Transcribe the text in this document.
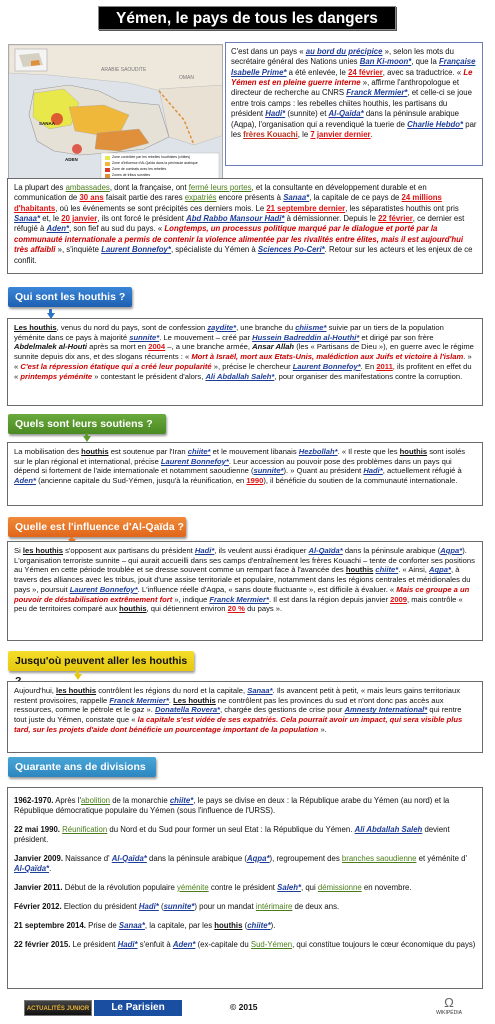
Yémen, le pays de tous les dangers
ARABIE SAOUDITE
OMAN
SANAA
ADEN	Zone contrôlée par les rebelles houthistes (chiites)
Zone d'influence d'Al-Qaïda dans la péninsule arabique
Zone de combats avec les rebelles
Zones de tribus sunnites
C'est dans un pays « au bord du précipice », selon les mots du secrétaire général des Nations unies Ban Ki-moon*, que la Française Isabelle Prime* a été enlevée, le 24 février, avec sa traductrice. « Le Yémen est en pleine guerre interne », affirme l'anthropologue et directeur de recherche au CNRS Franck Mermier*, et celle-ci se joue entre trois camps : les rebelles chiites houthis, les partisans du président Hadi* (sunnite) et Al-Qaïda* dans la péninsule arabique (Aqpa), l'organisation qui a revendiqué la tuerie de Charlie Hebdo* par les frères Kouachi, le 7 janvier dernier.
La plupart des ambassades, dont la française, ont fermé leurs portes, et la consultante en développement durable et en communication de 30 ans faisait partie des rares expatriés encore présents à Sanaa*, la capitale de ce pays de 24 millions d'habitants, où les événements se sont précipités ces derniers mois. Le 21 septembre dernier, les séparatistes houthis ont pris Sanaa* et, le 20 janvier, ils ont forcé le président Abd Rabbo Mansour Hadi* à démissionner. Depuis le 22 février, ce dernier est réfugié à Aden*, son fief au sud du pays. « Longtemps, un processus politique marqué par le dialogue et porté par la communauté internationale a permis de contenir la violence alimentée par les rivalités entre élites, mais il est aujourd'hui très affaibli », s'inquiète Laurent Bonnefoy*, spécialiste du Yémen à Sciences Po-Ceri*. Retour sur les acteurs et les enjeux de ce conflit.
Qui sont les houthis ?
Les houthis, venus du nord du pays, sont de confession zaydite*, une branche du chiisme* suivie par un tiers de la population yéménite dans ce pays à majorité sunnite*. Le mouvement – créé par Hussein Badreddin al-Houthi* et dirigé par son frère Abdelmalek al-Houti après sa mort en 2004 –, a une branche armée, Ansar Allah (les « Partisans de Dieu »), en guerre avec le régime sunnite depuis dix ans, et des slogans récurrents : « Mort à Israël, mort aux Etats-Unis, malédiction aux Juifs et victoire à l'islam. » « C'est la répression étatique qui a créé leur popularité », précise le chercheur Laurent Bonnefoy*. En 2011, ils profitent en effet du « printemps yéménite » contestant le président d'alors, Ali Abdallah Saleh*, pour organiser des manifestations contre la corruption.
Quels sont leurs soutiens ?
La mobilisation des houthis est soutenue par l'Iran chiite* et le mouvement libanais Hezbollah*. « Il reste que les houthis sont isolés sur le plan régional et international, précise Laurent Bonnefoy*. Leur accession au pouvoir pose des problèmes dans un pays qui dépend si fortement de l'aide internationale et notamment saoudienne (sunnite*). » Quant au président Hadi*, actuellement réfugié à Aden* (ancienne capitale du Sud-Yémen, jusqu'à la réunification, en 1990), il bénéficie du soutien de la communauté internationale.
Quelle est l'influence d'Al-Qaïda ?
Si les houthis s'opposent aux partisans du président Hadi*, ils veulent aussi éradiquer Al-Qaïda* dans la péninsule arabique (Aqpa*). L'organisation terroriste sunnite – qui aurait accueilli dans ses camps d'entraînement les frères Kouachi – tente de conforter ses positions au Yémen en cette période troublée et se dresse souvent comme un rempart face à l'avancée des houthis chiite*. « Ainsi, Aqpa*, à travers des alliances avec les tribus, jouit d'une assise territoriale et populaire, notamment dans les régions centrales et méridionales du pays », poursuit Laurent Bonnefoy*. L'influence réelle d'Aqpa, « sans doute fluctuante », est difficile à évaluer. « Mais ce groupe a un pouvoir de déstabilisation extrêmement fort », indique Franck Mermier*. Il est dans la région depuis janvier 2009, mais contrôle « peu de territoires comparé aux houthis, qui détiennent environ 20 % du pays ».
Jusqu'où peuvent aller les houthis
Aujourd'hui, les houthis contrôlent les régions du nord et la capitale, Sanaa*. Ils avancent petit à petit, « mais leurs gains territoriaux restent provisoires, rappelle Franck Mermier*. Les houthis ne contrôlent pas les provinces du sud et n'ont donc pas accès aux ressources, comme le pétrole et le gaz ». Donatella Rovera*, chargée des gestions de crise pour Amnesty International* qui rentre tout juste du Yémen, constate que « la capitale s'est vidée de ses expatriés. Cela pourrait avoir un impact, qui sera visible plus tard, sur les projets d'aide dont bénéficie un pourcentage important de la population ».
Quarante ans de divisions

1962-1970. Après l'abolition de la monarchie chiite*, le pays se divise en deux : la République arabe du Yémen (au nord) et la République démocratique populaire du Yémen (sous l'influence de l'URSS).

22 mai 1990. Réunification du Nord et du Sud pour former un seul Etat : la République du Yémen. Ali Abdallah Saleh devient président.

Janvier 2009. Naissance d' Al-Qaïda* dans la péninsule arabique (Aqpa*), regroupement des branches saoudienne et yéménite d' Al-Qaïda*.

Janvier 2011. Début de la révolution populaire yéménite contre le président Saleh*, qui démissionne en novembre.

Février 2012. Election du président Hadi* (sunnite*) pour un mandat intérimaire de deux ans.

21 septembre 2014. Prise de Sanaa*, la capitale, par les houthis (chiite*).

22 février 2015. Le président Hadi* s'enfuit à Aden* (ex-capitale du Sud-Yémen, qui constitue toujours le cœur économique du pays)

ACTUALITÉS JUNIOR	Le Parisien	© 2015	Ω
WIKIPÉDIA
